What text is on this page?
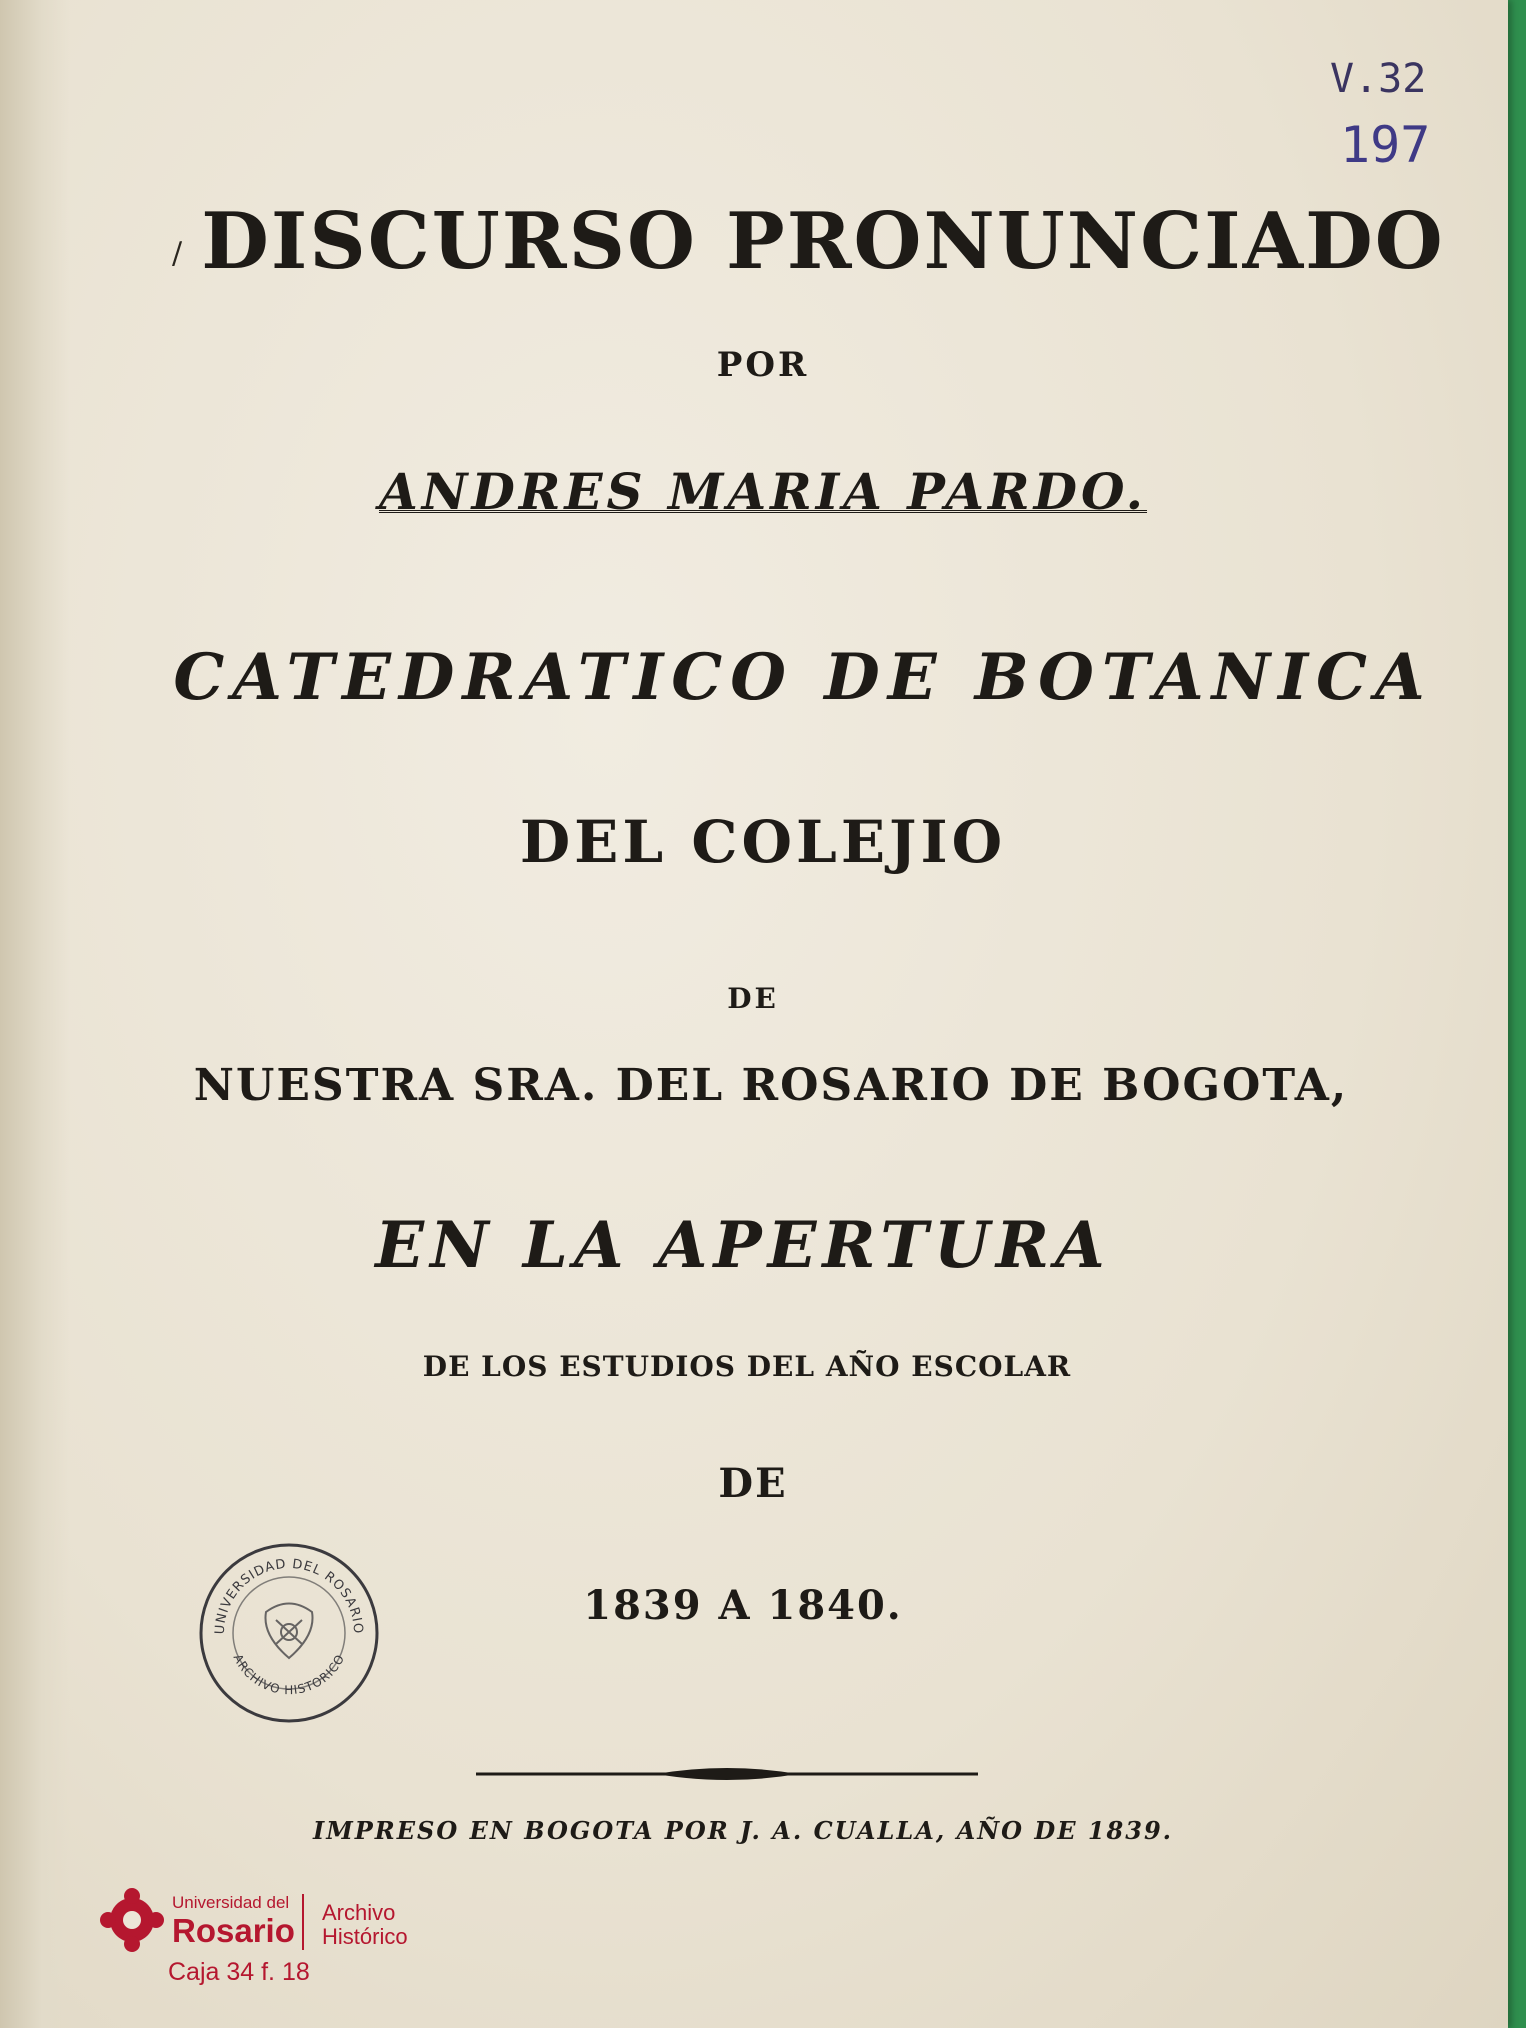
/
V.32
197
DISCURSO PRONUNCIADO
POR
ANDRES MARIA PARDO.
CATEDRATICO DE BOTANICA
DEL COLEJIO
DE
NUESTRA SRA. DEL ROSARIO DE BOGOTA,
EN LA APERTURA
DE LOS ESTUDIOS DEL AÑO ESCOLAR
DE
1839 A 1840.
UNIVERSIDAD DEL ROSARIO
ARCHIVO HISTORICO
IMPRESO EN BOGOTA POR J. A. CUALLA, AÑO DE 1839.
Universidad del
Rosario Archivo
Histórico
Caja 34 f. 18
